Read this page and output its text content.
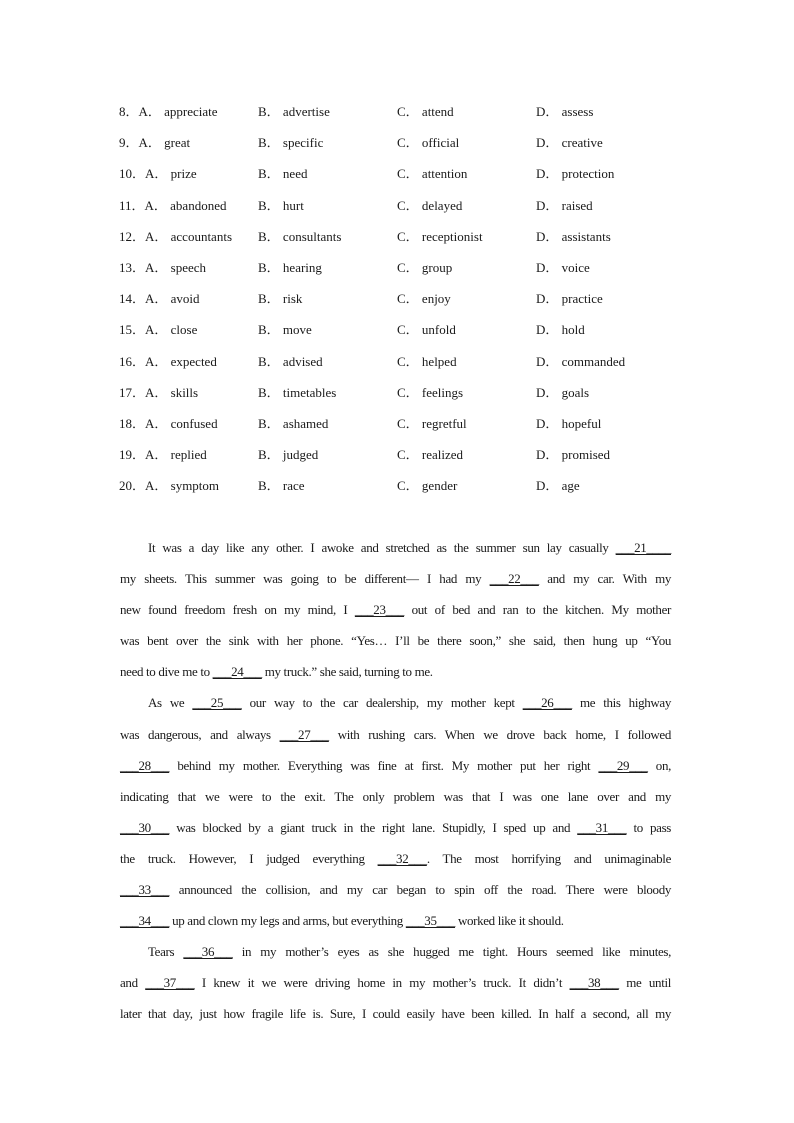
8．A． appreciate	B． advertise	C． attend	D． assess
9．A． great	B． specific	C． official	D． creative
10．A． prize	B． need	C． attention	D． protection
11．A． abandoned B． hurt	C． delayed	D． raised
12．A． accountants B． consultants	C． receptionist	D． assistants
13．A． speech	B． hearing	C． group	D． voice
14．A． avoid	B． risk	C． enjoy	D． practice
15．A． close	B． move	C． unfold	D． hold
16．A． expected	B． advised	C． helped	D． commanded
17．A． skills	B． timetables	C． feelings	D． goals
18．A． confused	B． ashamed	C． regretful	D． hopeful
19．A． replied	B． judged	C． realized	D． promised
20．A． symptom	B． race	C． gender	D． age
It was a day like any other. I awoke and stretched as the summer sun lay casually ___21____
my sheets. This summer was going to be different— I had my ___22___ and my car. With my
new found freedom fresh on my mind, I ___23___ out of bed and ran to the kitchen. My mother
was bent over the sink with her phone. “Yes… I’ll be there soon,” she said, then hung up “You
need to dive me to ___24___ my truck.” she said, turning to me.
As we ___25___ our way to the car dealership, my mother kept ___26___ me this highway
was dangerous, and always ___27___ with rushing cars. When we drove back home, I followed
___28___ behind my mother. Everything was fine at first. My mother put her right ___29___ on,
indicating that we were to the exit. The only problem was that I was one lane over and my
___30___ was blocked by a giant truck in the right lane. Stupidly, I sped up and ___31___ to pass
the truck. However, I judged everything ___32___. The most horrifying and unimaginable
___33___ announced the collision, and my car began to spin off the road. There were bloody
___34___ up and clown my legs and arms, but everything ___35___ worked like it should.
Tears ___36___ in my mother’s eyes as she hugged me tight. Hours seemed like minutes,
and ___37___ I knew it we were driving home in my mother’s truck. It didn’t ___38___ me until
later that day, just how fragile life is. Sure, I could easily have been killed. In half a second, all my
